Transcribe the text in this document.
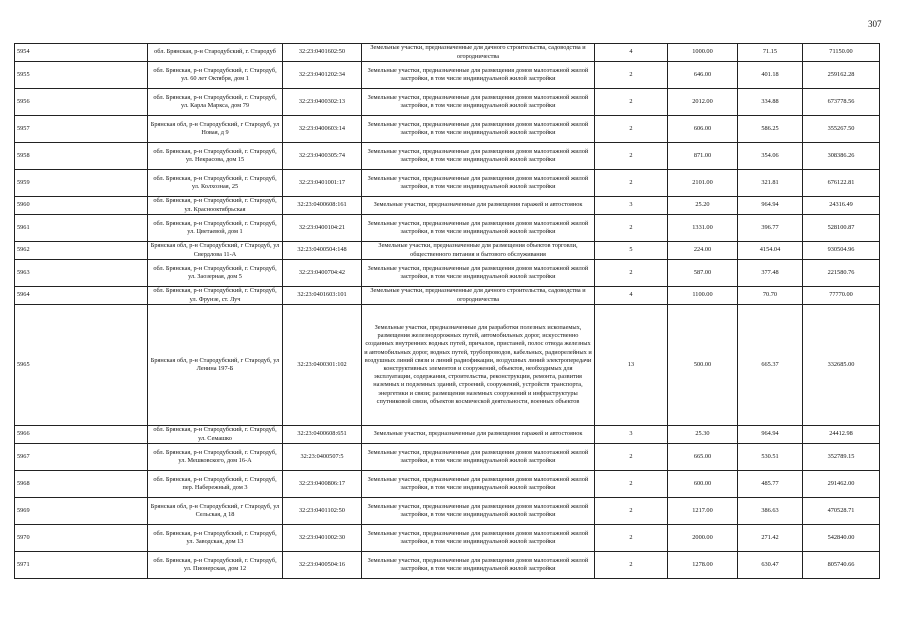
307
5954	обл. Брянская, р-н Стародубский, г. Стародуб	32:23:0401602:50	Земельные участки, предназначенные для дачного строительства, садоводства и огородничества	4	1000.00	71.15	71150.00
5955	обл. Брянская, р-н Стародубский, г. Стародуб, ул. 60 лет Октября, дом 1	32:23:0401202:34	Земельные участки, предназначенные для размещения домов малоэтажной жилой застройки, в том числе индивидуальной жилой застройки	2	646.00	401.18	259162.28
5956	обл. Брянская, р-н Стародубский, г. Стародуб, ул. Карла Маркса, дом 79	32:23:0400302:13	Земельные участки, предназначенные для размещения домов малоэтажной жилой застройки, в том числе индивидуальной жилой застройки	2	2012.00	334.88	673778.56
5957	Брянская обл, р-н Стародубский, г Стародуб, ул Новая, д 9	32:23:0400603:14	Земельные участки, предназначенные для размещения домов малоэтажной жилой застройки, в том числе индивидуальной жилой застройки	2	606.00	586.25	355267.50
5958	обл. Брянская, р-н Стародубский, г. Стародуб, ул. Некрасова, дом 15	32:23:0400305:74	Земельные участки, предназначенные для размещения домов малоэтажной жилой застройки, в том числе индивидуальной жилой застройки	2	871.00	354.06	308386.26
5959	обл. Брянская, р-н Стародубский, г. Стародуб, ул. Колхозная, 25	32:23:0401001:17	Земельные участки, предназначенные для размещения домов малоэтажной жилой застройки, в том числе индивидуальной жилой застройки	2	2101.00	321.81	676122.81
5960	обл. Брянская, р-н Стародубский, г. Стародуб, ул. Краснооктябрьская	32:23:0400608:161	Земельные участки, предназначенные для размещения гаражей и автостоянок	3	25.20	964.94	24316.49
5961	обл. Брянская, р-н Стародубский, г. Стародуб, ул. Цветаевой, дом 1	32:23:0400104:21	Земельные участки, предназначенные для размещения домов малоэтажной жилой застройки, в том числе индивидуальной жилой застройки	2	1331.00	396.77	528100.87
5962	Брянская обл, р-н Стародубский, г Стародуб, ул Свердлова 11-А	32:23:0400504:148	Земельные участки, предназначенные для размещения объектов торговли, общественного питания и бытового обслуживания	5	224.00	4154.04	930504.96
5963	обл. Брянская, р-н Стародубский, г. Стародуб, ул. Заозерная, дом 5	32:23:0400704:42	Земельные участки, предназначенные для размещения домов малоэтажной жилой застройки, в том числе индивидуальной жилой застройки	2	587.00	377.48	221580.76
5964	обл. Брянская, р-н Стародубский, г. Стародуб, ул. Фрунзе, ст. Луч	32:23:0401603:101	Земельные участки, предназначенные для дачного строительства, садоводства и огородничества	4	1100.00	70.70	77770.00
5965	Брянская обл, р-н Стародубский, г Стародуб, ул Ленина 197-Б	32:23:0400301:102	Земельные участки, предназначенные для разработки полезных ископаемых, размещения железнодорожных путей, автомобильных дорог, искусственно созданных внутренних водных путей, причалов, пристаней, полос отвода железных и автомобильных дорог, водных путей, трубопроводов, кабельных, радиорелейных и воздушных линий связи и линий радиофикации, воздушных линий электропередачи конструктивных элементов и сооружений, объектов, необходимых для эксплуатации, содержания, строительства, реконструкции, ремонта, развития наземных и подземных зданий, строений, сооружений, устройств транспорта, энергетики и связи; размещения наземных сооружений и инфраструктуры спутниковой связи, объектов космической деятельности, военных объектов	13	500.00	665.37	332685.00
5966	обл. Брянская, р-н Стародубский, г. Стародуб, ул. Семашко	32:23:0400608:651	Земельные участки, предназначенные для размещения гаражей и автостоянок	3	25.30	964.94	24412.98
5967	обл. Брянская, р-н Стародубский, г. Стародуб, ул. Мешковского, дом 16-А	32:23:0400507:5	Земельные участки, предназначенные для размещения домов малоэтажной жилой застройки, в том числе индивидуальной жилой застройки	2	665.00	530.51	352789.15
5968	обл. Брянская, р-н Стародубский, г. Стародуб, пер. Набережный, дом 3	32:23:0400806:17	Земельные участки, предназначенные для размещения домов малоэтажной жилой застройки, в том числе индивидуальной жилой застройки	2	600.00	485.77	291462.00
5969	Брянская обл, р-н Стародубский, г Стародуб, ул Сельская, д 18	32:23:0401102:50	Земельные участки, предназначенные для размещения домов малоэтажной жилой застройки, в том числе индивидуальной жилой застройки	2	1217.00	386.63	470528.71
5970	обл. Брянская, р-н Стародубский, г. Стародуб, ул. Заводская, дом 13	32:23:0401002:30	Земельные участки, предназначенные для размещения домов малоэтажной жилой застройки, в том числе индивидуальной жилой застройки	2	2000.00	271.42	542840.00
5971	обл. Брянская, р-н Стародубский, г. Стародуб, ул. Пионерская, дом 12	32:23:0400504:16	Земельные участки, предназначенные для размещения домов малоэтажной жилой застройки, в том числе индивидуальной жилой застройки	2	1278.00	630.47	805740.66
